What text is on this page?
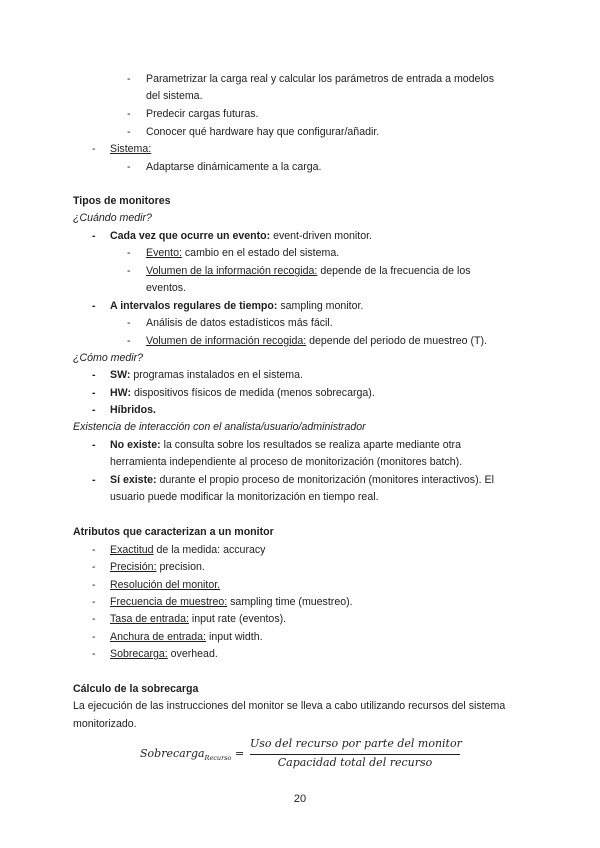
- Parametrizar la carga real y calcular los parámetros de entrada a modelos
del sistema.
- Predecir cargas futuras.
- Conocer qué hardware hay que configurar/añadir.
- Sistema:
- Adaptarse dinámicamente a la carga.
Tipos de monitores
¿Cuándo medir?
- Cada vez que ocurre un evento: event-driven monitor.
- Evento: cambio en el estado del sistema.
- Volumen de la información recogida: depende de la frecuencia de los
eventos.
- A intervalos regulares de tiempo: sampling monitor.
- Análisis de datos estadísticos más fácil.
- Volumen de información recogida: depende del periodo de muestreo (T).
¿Cómo medir?
- SW: programas instalados en el sistema.
- HW: dispositivos físicos de medida (menos sobrecarga).
- Híbridos.
Existencia de interacción con el analista/usuario/administrador
- No existe: la consulta sobre los resultados se realiza aparte mediante otra
herramienta independiente al proceso de monitorización (monitores batch).
- Sí existe: durante el propio proceso de monitorización (monitores interactivos). El
usuario puede modificar la monitorización en tiempo real.
Atributos que caracterizan a un monitor
- Exactitud de la medida: accuracy
- Precisión: precision.
- Resolución del monitor.
- Frecuencia de muestreo: sampling time (muestreo).
- Tasa de entrada: input rate (eventos).
- Anchura de entrada: input width.
- Sobrecarga: overhead.
Cálculo de la sobrecarga
La ejecución de las instrucciones del monitor se lleva a cabo utilizando recursos del sistema
monitorizado.
Sobrecarga$_{Recurso}$ =
Uso del recurso por parte del monitor
Capacidad total del recurso
20
